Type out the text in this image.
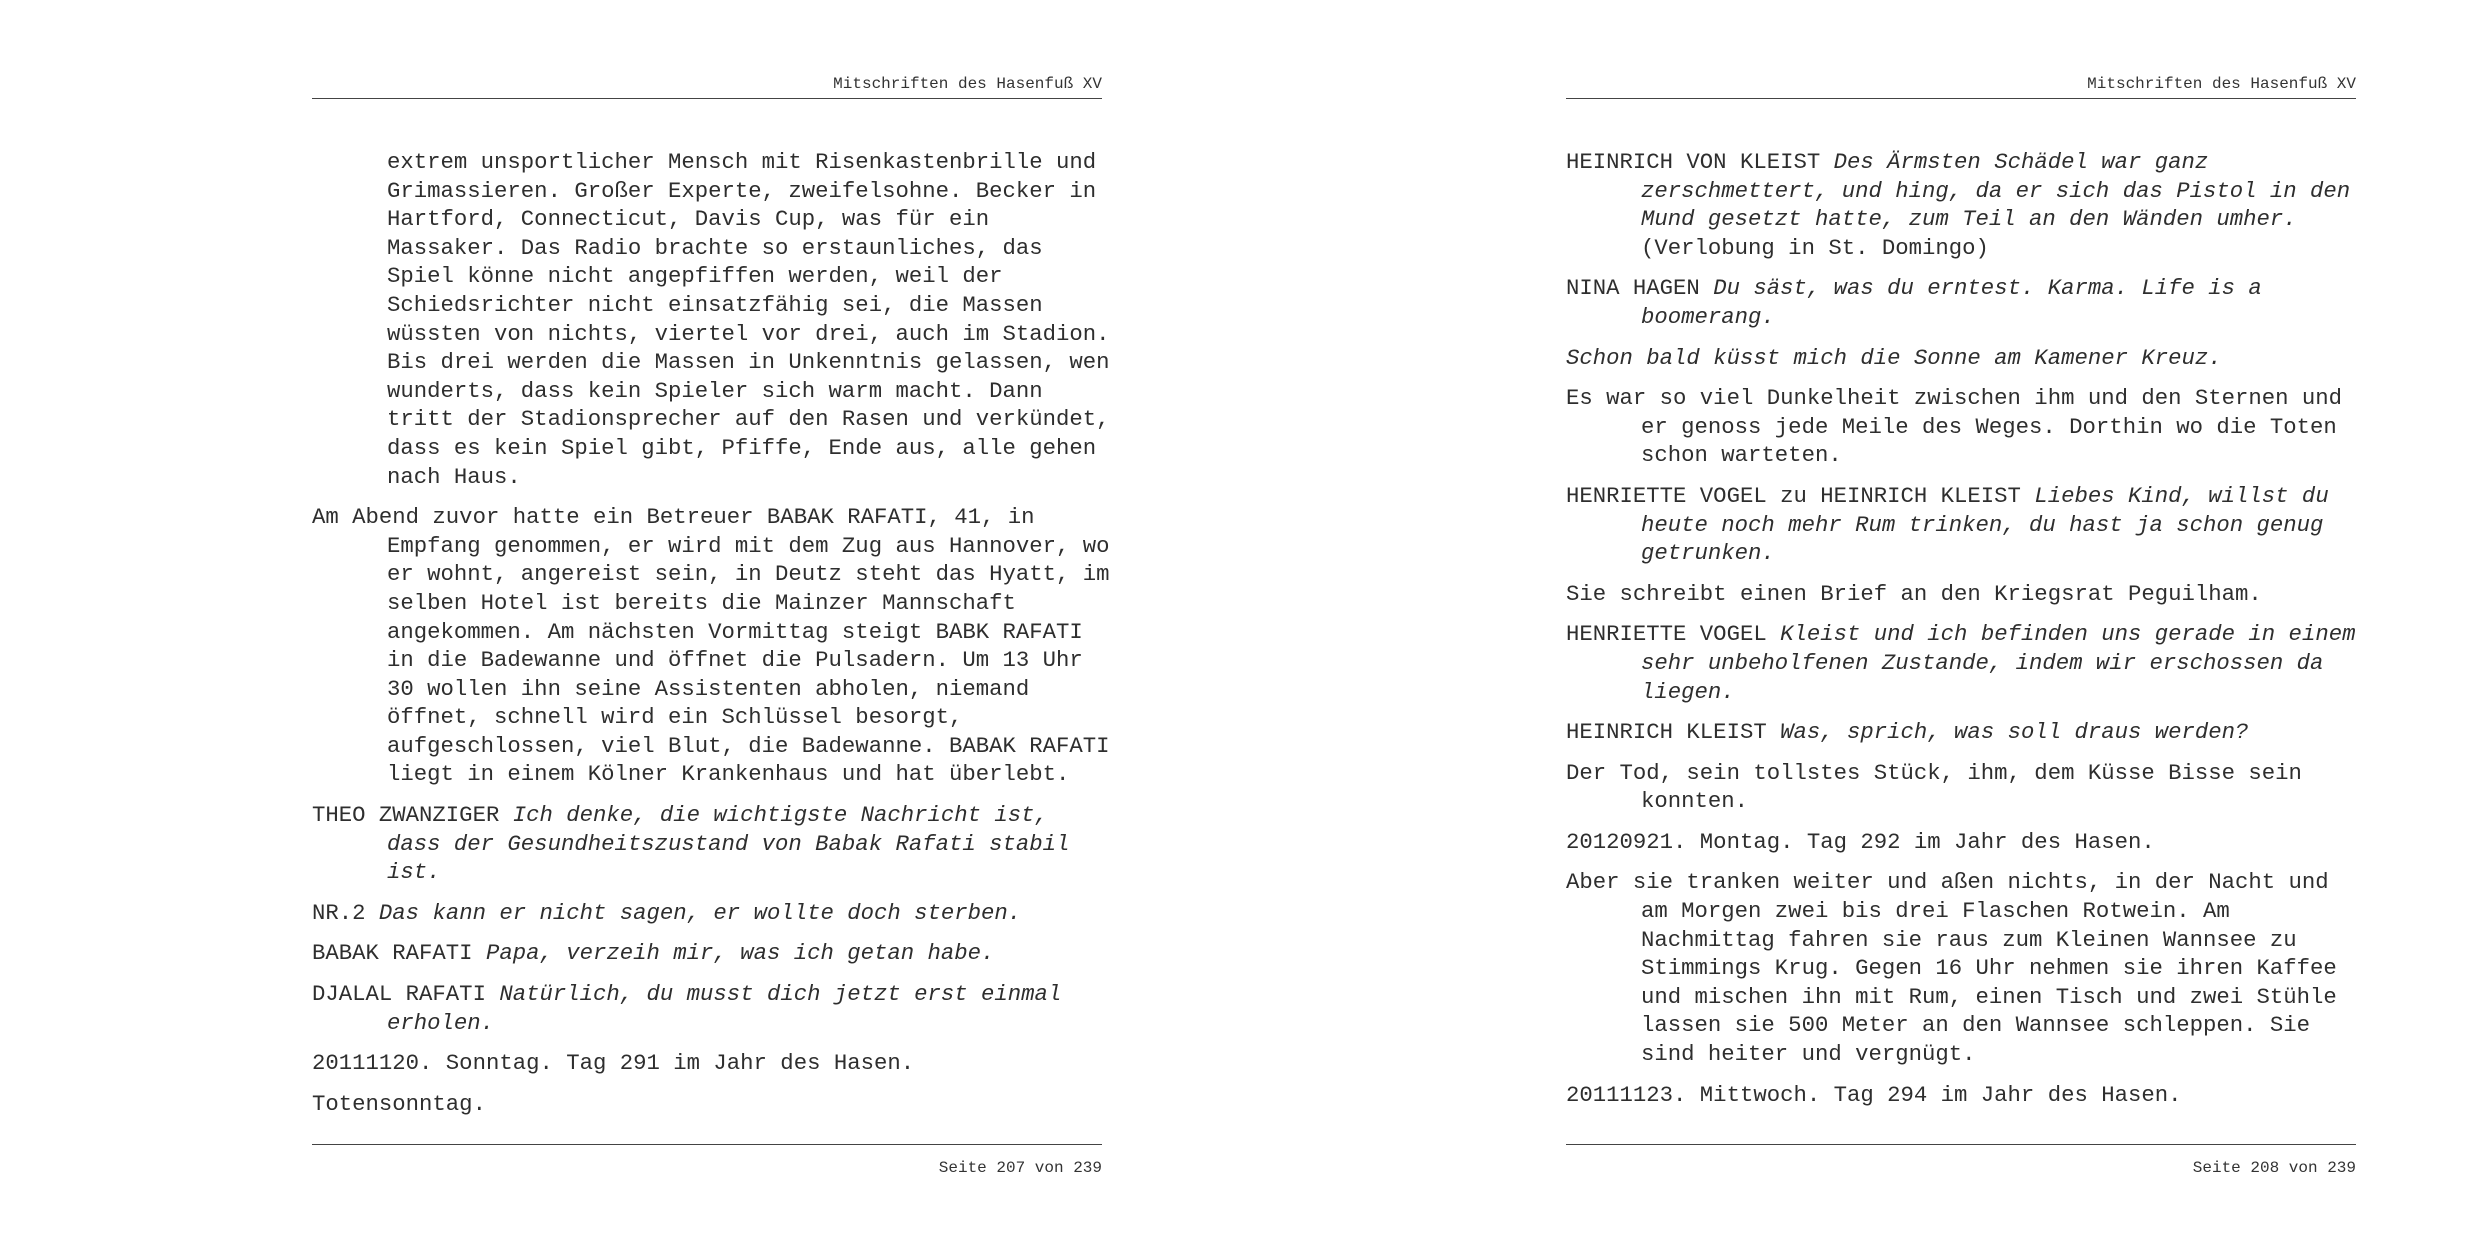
Mitschriften des Hasenfuß XV

extrem unsportlicher Mensch mit Risenkastenbrille und Grimassieren. Großer Experte, zweifelsohne. Becker in Hartford, Connecticut, Davis Cup, was für ein Massaker. Das Radio brachte so erstaunliches, das Spiel könne nicht angepfiffen werden, weil der Schiedsrichter nicht einsatzfähig sei, die Massen wüssten von nichts, viertel vor drei, auch im Stadion. Bis drei werden die Massen in Unkenntnis gelassen, wen wunderts, dass kein Spieler sich warm macht. Dann tritt der Stadionsprecher auf den Rasen und verkündet, dass es kein Spiel gibt, Pfiffe, Ende aus, alle gehen nach Haus.

Am Abend zuvor hatte ein Betreuer BABAK RAFATI, 41, in Empfang genommen, er wird mit dem Zug aus Hannover, wo er wohnt, angereist sein, in Deutz steht das Hyatt, im selben Hotel ist bereits die Mainzer Mannschaft angekommen. Am nächsten Vormittag steigt BABK RAFATI in die Badewanne und öffnet die Pulsadern. Um 13 Uhr 30 wollen ihn seine Assistenten abholen, niemand öffnet, schnell wird ein Schlüssel besorgt, aufgeschlossen, viel Blut, die Badewanne. BABAK RAFATI liegt in einem Kölner Krankenhaus und hat überlebt.

THEO ZWANZIGER Ich denke, die wichtigste Nachricht ist, dass der Gesundheitszustand von Babak Rafati stabil ist.

NR.2 Das kann er nicht sagen, er wollte doch sterben.

BABAK RAFATI Papa, verzeih mir, was ich getan habe.

DJALAL RAFATI Natürlich, du musst dich jetzt erst einmal erholen.

20111120. Sonntag. Tag 291 im Jahr des Hasen.

Totensonntag.

Seite 207 von 239
Mitschriften des Hasenfuß XV

HEINRICH VON KLEIST Des Ärmsten Schädel war ganz zerschmettert, und hing, da er sich das Pistol in den Mund gesetzt hatte, zum Teil an den Wänden umher. (Verlobung in St. Domingo)

NINA HAGEN Du säst, was du erntest. Karma. Life is a boomerang.

Schon bald küsst mich die Sonne am Kamener Kreuz.

Es war so viel Dunkelheit zwischen ihm und den Sternen und er genoss jede Meile des Weges. Dorthin wo die Toten schon warteten.

HENRIETTE VOGEL zu HEINRICH KLEIST Liebes Kind, willst du heute noch mehr Rum trinken, du hast ja schon genug getrunken.

Sie schreibt einen Brief an den Kriegsrat Peguilham.

HENRIETTE VOGEL Kleist und ich befinden uns gerade in einem sehr unbeholfenen Zustande, indem wir erschossen da liegen.

HEINRICH KLEIST Was, sprich, was soll draus werden?

Der Tod, sein tollstes Stück, ihm, dem Küsse Bisse sein konnten.

20120921. Montag. Tag 292 im Jahr des Hasen.

Aber sie tranken weiter und aßen nichts, in der Nacht und am Morgen zwei bis drei Flaschen Rotwein. Am Nachmittag fahren sie raus zum Kleinen Wannsee zu Stimmings Krug. Gegen 16 Uhr nehmen sie ihren Kaffee und mischen ihn mit Rum, einen Tisch und zwei Stühle lassen sie 500 Meter an den Wannsee schleppen. Sie sind heiter und vergnügt.

20111123. Mittwoch. Tag 294 im Jahr des Hasen.

Seite 208 von 239
